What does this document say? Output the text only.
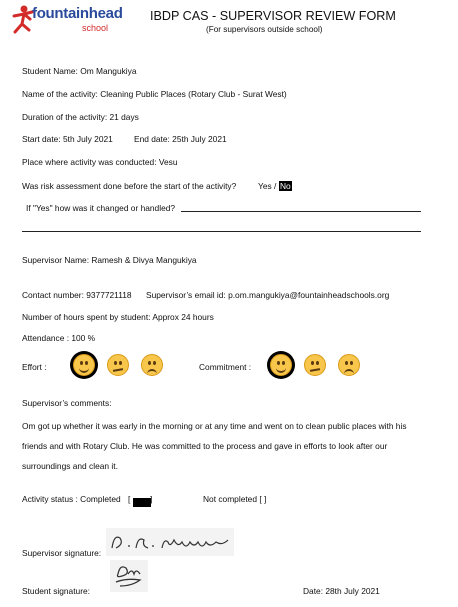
fountainhead
school
IBDP CAS - SUPERVISOR REVIEW FORM
(For supervisors outside school)
Student Name: Om Mangukiya
Name of the activity: Cleaning Public Places (Rotary Club - Surat West)
Duration of the activity: 21 days
Start date: 5th July 2021	End date: 25th July 2021
Place where activity was conducted: Vesu
Was risk assessment done before the start of the activity?	Yes / No
If "Yes" how was it changed or handled?
Supervisor Name: Ramesh & Divya Mangukiya
Contact number: 9377721118 Supervisor’s email id: p.om.mangukiya@fountainheadschools.org
Number of hours spent by student: Approx 24 hours
Attendance : 100 %
Effort :	Commitment :
Supervisor’s comments:
Om got up whether it was early in the morning or at any time and went on to clean public places with his
friends and with Rotary Club. He was committed to the process and gave in efforts to look after our
surroundings and clean it.
Activity status : Completed [ ]	Not completed [ ]
Supervisor signature:
Student signature:	Date: 28th July 2021
